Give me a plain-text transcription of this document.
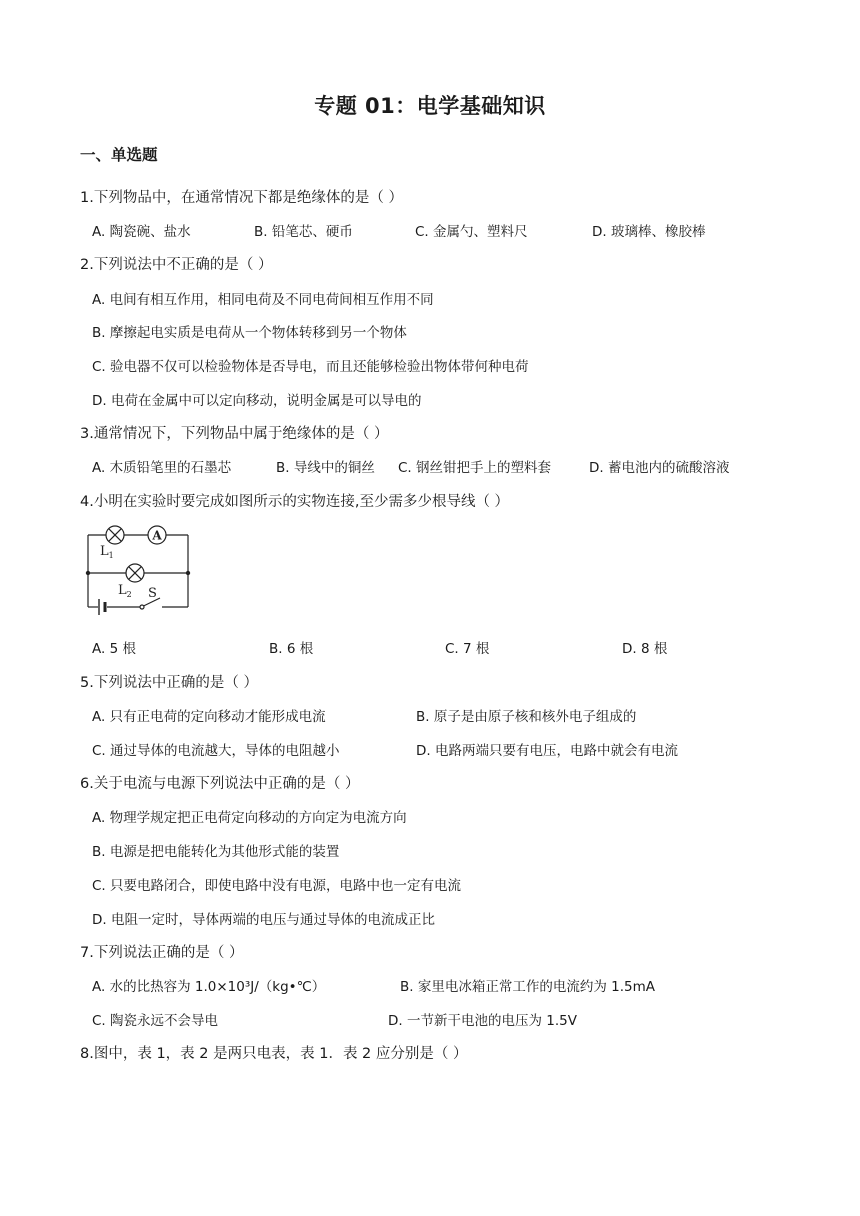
专题 01：电学基础知识
一、单选题
1.下列物品中，在通常情况下都是绝缘体的是（ ）
A. 陶瓷碗、盐水	B. 铅笔芯、硬币	C. 金属勺、塑料尺	D. 玻璃棒、橡胶棒
2.下列说法中不正确的是（ ）
A. 电间有相互作用，相同电荷及不同电荷间相互作用不同
B. 摩擦起电实质是电荷从一个物体转移到另一个物体
C. 验电器不仅可以检验物体是否导电，而且还能够检验出物体带何种电荷
D. 电荷在金属中可以定向移动，说明金属是可以导电的
3.通常情况下，下列物品中属于绝缘体的是（ ）
A. 木质铅笔里的石墨芯	B. 导线中的铜丝 C. 钢丝钳把手上的塑料套	D. 蓄电池内的硫酸溶液
4.小明在实验时要完成如图所示的实物连接,至少需多少根导线（ ）
A
$L_1$
$L_2$ S
A. 5 根	B. 6 根	C. 7 根	D. 8 根
5.下列说法中正确的是（ ）
A. 只有正电荷的定向移动才能形成电流	B. 原子是由原子核和核外电子组成的
C. 通过导体的电流越大，导体的电阻越小	D. 电路两端只要有电压，电路中就会有电流
6.关于电流与电源下列说法中正确的是（ ）
A. 物理学规定把正电荷定向移动的方向定为电流方向
B. 电源是把电能转化为其他形式能的装置
C. 只要电路闭合，即使电路中没有电源，电路中也一定有电流
D. 电阻一定时，导体两端的电压与通过导体的电流成正比
7.下列说法正确的是（ ）
A. 水的比热容为 1.0×10³J/（kg•℃）	B. 家里电冰箱正常工作的电流约为 1.5mA
C. 陶瓷永远不会导电	D. 一节新干电池的电压为 1.5V
8.图中，表 1，表 2 是两只电表，表 1．表 2 应分别是（ ）
